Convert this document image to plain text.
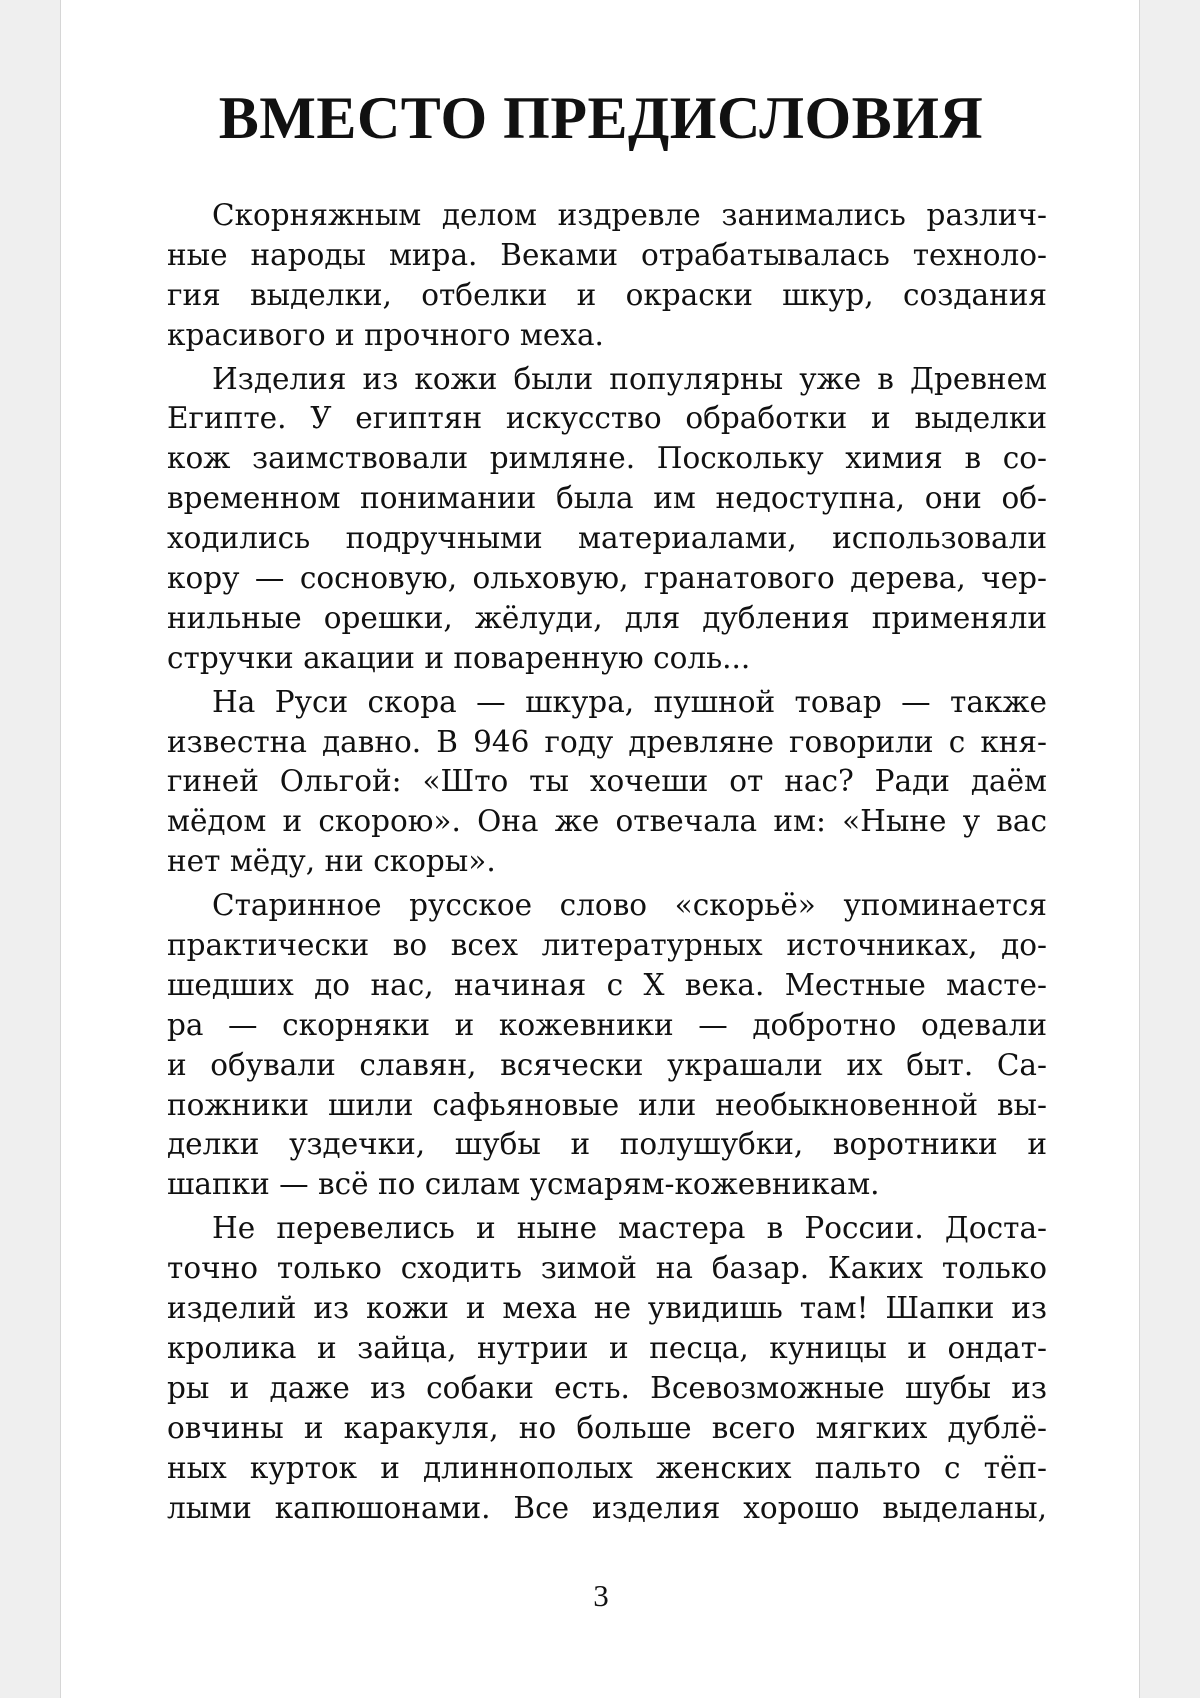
ВМЕСТО ПРЕДИСЛОВИЯ
Скорняжным делом издревле занимались различ-
ные народы мира. Веками отрабатывалась техноло-
гия выделки, отбелки и окраски шкур, создания
красивого и прочного меха.
Изделия из кожи были популярны уже в Древнем
Египте. У египтян искусство обработки и выделки
кож заимствовали римляне. Поскольку химия в со-
временном понимании была им недоступна, они об-
ходились подручными материалами, использовали
кору — сосновую, ольховую, гранатового дерева, чер-
нильные орешки, жёлуди, для дубления применяли
стручки акации и поваренную соль...
На Руси скора — шкура, пушной товар — также
известна давно. В 946 году древляне говорили с кня-
гиней Ольгой: «Што ты хочеши от нас? Ради даём
мёдом и скорою». Она же отвечала им: «Ныне у вас
нет мёду, ни скоры».
Старинное русское слово «скорьё» упоминается
практически во всех литературных источниках, до-
шедших до нас, начиная с X века. Местные масте-
ра — скорняки и кожевники — добротно одевали
и обували славян, всячески украшали их быт. Са-
пожники шили сафьяновые или необыкновенной вы-
делки уздечки, шубы и полушубки, воротники и
шапки — всё по силам усмарям-кожевникам.
Не перевелись и ныне мастера в России. Доста-
точно только сходить зимой на базар. Каких только
изделий из кожи и меха не увидишь там! Шапки из
кролика и зайца, нутрии и песца, куницы и ондат-
ры и даже из собаки есть. Всевозможные шубы из
овчины и каракуля, но больше всего мягких дублё-
ных курток и длиннополых женских пальто с тёп-
лыми капюшонами. Все изделия хорошо выделаны,
3
